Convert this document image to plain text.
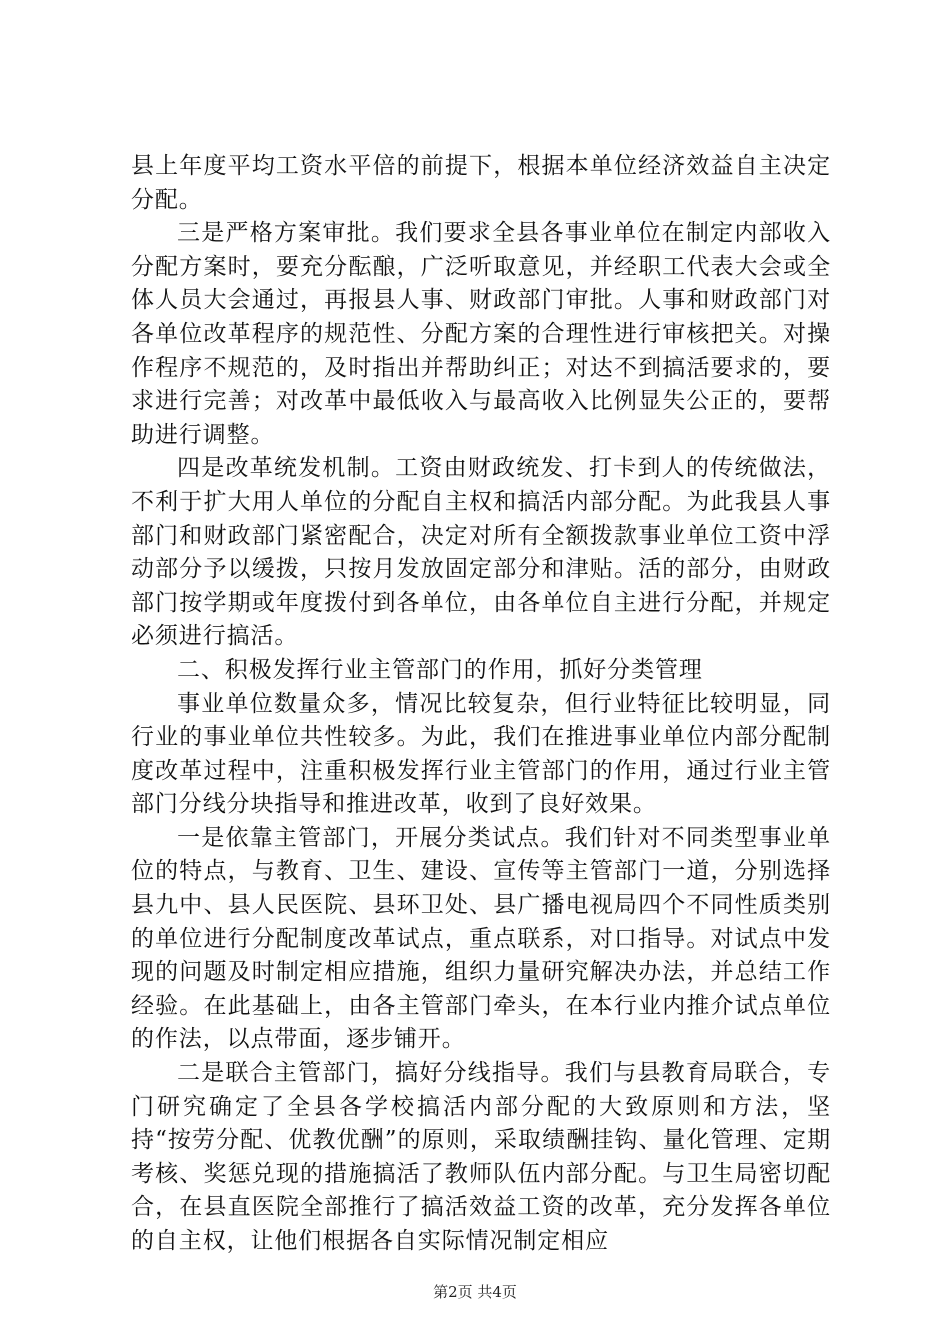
县上年度平均工资水平倍的前提下，根据本单位经济效益自主决定分配。

三是严格方案审批。我们要求全县各事业单位在制定内部收入分配方案时，要充分酝酿，广泛听取意见，并经职工代表大会或全体人员大会通过，再报县人事、财政部门审批。人事和财政部门对各单位改革程序的规范性、分配方案的合理性进行审核把关。对操作程序不规范的，及时指出并帮助纠正；对达不到搞活要求的，要求进行完善；对改革中最低收入与最高收入比例显失公正的，要帮助进行调整。

四是改革统发机制。工资由财政统发、打卡到人的传统做法，不利于扩大用人单位的分配自主权和搞活内部分配。为此我县人事部门和财政部门紧密配合，决定对所有全额拨款事业单位工资中浮动部分予以缓拨，只按月发放固定部分和津贴。活的部分，由财政部门按学期或年度拨付到各单位，由各单位自主进行分配，并规定必须进行搞活。

二、积极发挥行业主管部门的作用，抓好分类管理

事业单位数量众多，情况比较复杂，但行业特征比较明显，同行业的事业单位共性较多。为此，我们在推进事业单位内部分配制度改革过程中，注重积极发挥行业主管部门的作用，通过行业主管部门分线分块指导和推进改革，收到了良好效果。

一是依靠主管部门，开展分类试点。我们针对不同类型事业单位的特点，与教育、卫生、建设、宣传等主管部门一道，分别选择县九中、县人民医院、县环卫处、县广播电视局四个不同性质类别的单位进行分配制度改革试点，重点联系，对口指导。对试点中发现的问题及时制定相应措施，组织力量研究解决办法，并总结工作经验。在此基础上，由各主管部门牵头，在本行业内推介试点单位的作法，以点带面，逐步铺开。

二是联合主管部门，搞好分线指导。我们与县教育局联合，专门研究确定了全县各学校搞活内部分配的大致原则和方法，坚持“按劳分配、优教优酬”的原则，采取绩酬挂钩、量化管理、定期考核、奖惩兑现的措施搞活了教师队伍内部分配。与卫生局密切配合，在县直医院全部推行了搞活效益工资的改革，充分发挥各单位的自主权，让他们根据各自实际情况制定相应

第2页 共4页
